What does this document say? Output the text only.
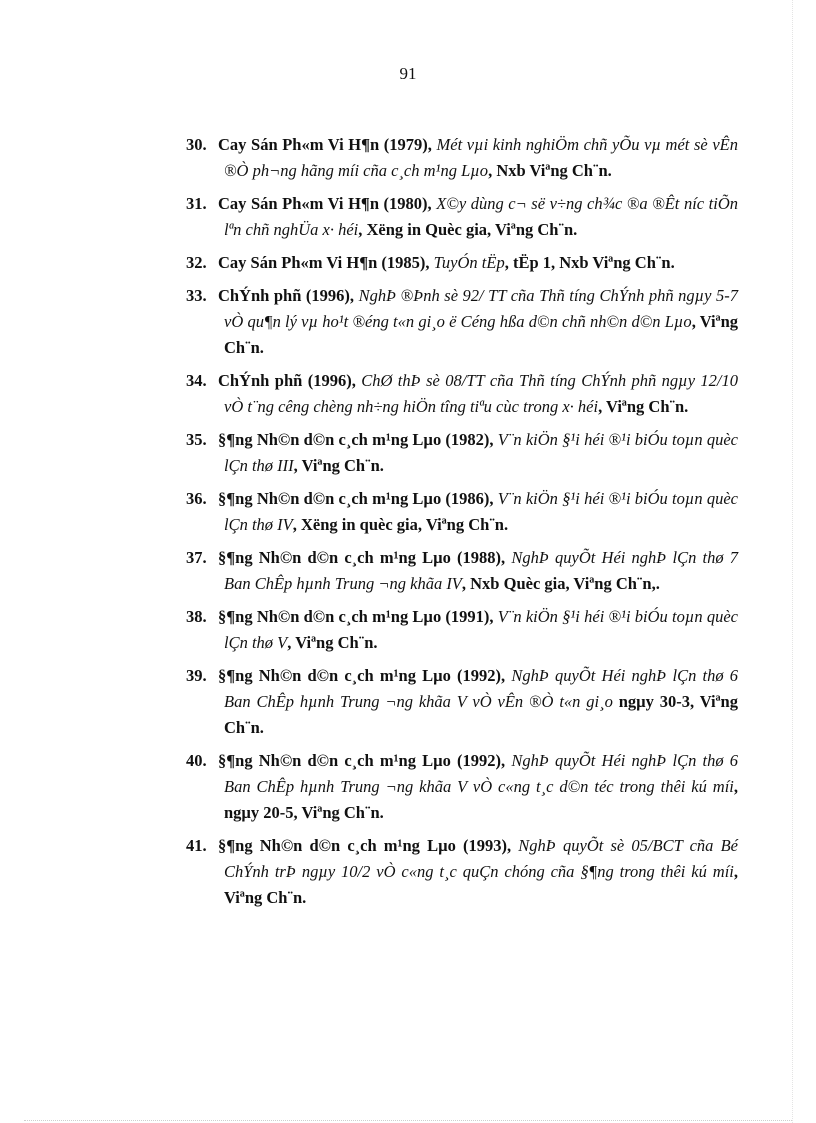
91
30. Cay Sán Ph«m Vi H¶n (1979), Mét vµi kinh nghiÖm chñ yÕu vµ mét sè vÊn ®Ò ph¬ng hãng míi cña c¸ch m¹ng Lµo, Nxb Viªng Ch¨n.
31. Cay Sán Ph«m Vi H¶n (1980), X©y dùng c¬ së v÷ng ch¾c ®a ®Êt níc tiÕn lªn chñ nghÜa x· héi, Xëng in Quèc gia, Viªng Ch¨n.
32. Cay Sán Ph«m Vi H¶n (1985), TuyÓn tËp, tËp 1, Nxb Viªng Ch¨n.
33. ChÝnh phñ (1996), NghÞ ®Þnh sè 92/ TT cña Thñ tíng ChÝnh phñ ngµy 5-7 vÒ qu¶n lý vµ ho¹t ®éng t«n gi¸o ë Céng hßa d©n chñ nh©n d©n Lµo, Viªng Ch¨n.
34. ChÝnh phñ (1996), ChØ thÞ sè 08/TT cña Thñ tíng ChÝnh phñ ngµy 12/10 vÒ t¨ng cêng chèng nh÷ng hiÖn tîng tiªu cùc trong x· héi, Viªng Ch¨n.
35. §¶ng Nh©n d©n c¸ch m¹ng Lµo (1982), V¨n kiÖn §¹i héi ®¹i biÓu toµn quèc lÇn thø III, Viªng Ch¨n.
36. §¶ng Nh©n d©n c¸ch m¹ng Lµo (1986), V¨n kiÖn §¹i héi ®¹i biÓu toµn quèc lÇn thø IV, Xëng in quèc gia, Viªng Ch¨n.
37. §¶ng Nh©n d©n c¸ch m¹ng Lµo (1988), NghÞ quyÕt Héi nghÞ lÇn thø 7 Ban ChÊp hµnh Trung ¬ng khãa IV, Nxb Quèc gia, Viªng Ch¨n,.
38. §¶ng Nh©n d©n c¸ch m¹ng Lµo (1991), V¨n kiÖn §¹i héi ®¹i biÓu toµn quèc lÇn thø V, Viªng Ch¨n.
39. §¶ng Nh©n d©n c¸ch m¹ng Lµo (1992), NghÞ quyÕt Héi nghÞ lÇn thø 6 Ban ChÊp hµnh Trung ¬ng khãa V vÒ vÊn ®Ò t«n gi¸o ngµy 30-3, Viªng Ch¨n.
40. §¶ng Nh©n d©n c¸ch m¹ng Lµo (1992), NghÞ quyÕt Héi nghÞ lÇn thø 6 Ban ChÊp hµnh Trung ¬ng khãa V vÒ c«ng t¸c d©n téc trong thêi kú míi, ngµy 20-5, Viªng Ch¨n.
41. §¶ng Nh©n d©n c¸ch m¹ng Lµo (1993), NghÞ quyÕt sè 05/BCT cña Bé ChÝnh trÞ ngµy 10/2 vÒ c«ng t¸c quÇn chóng cña §¶ng trong thêi kú míi, Viªng Ch¨n.
